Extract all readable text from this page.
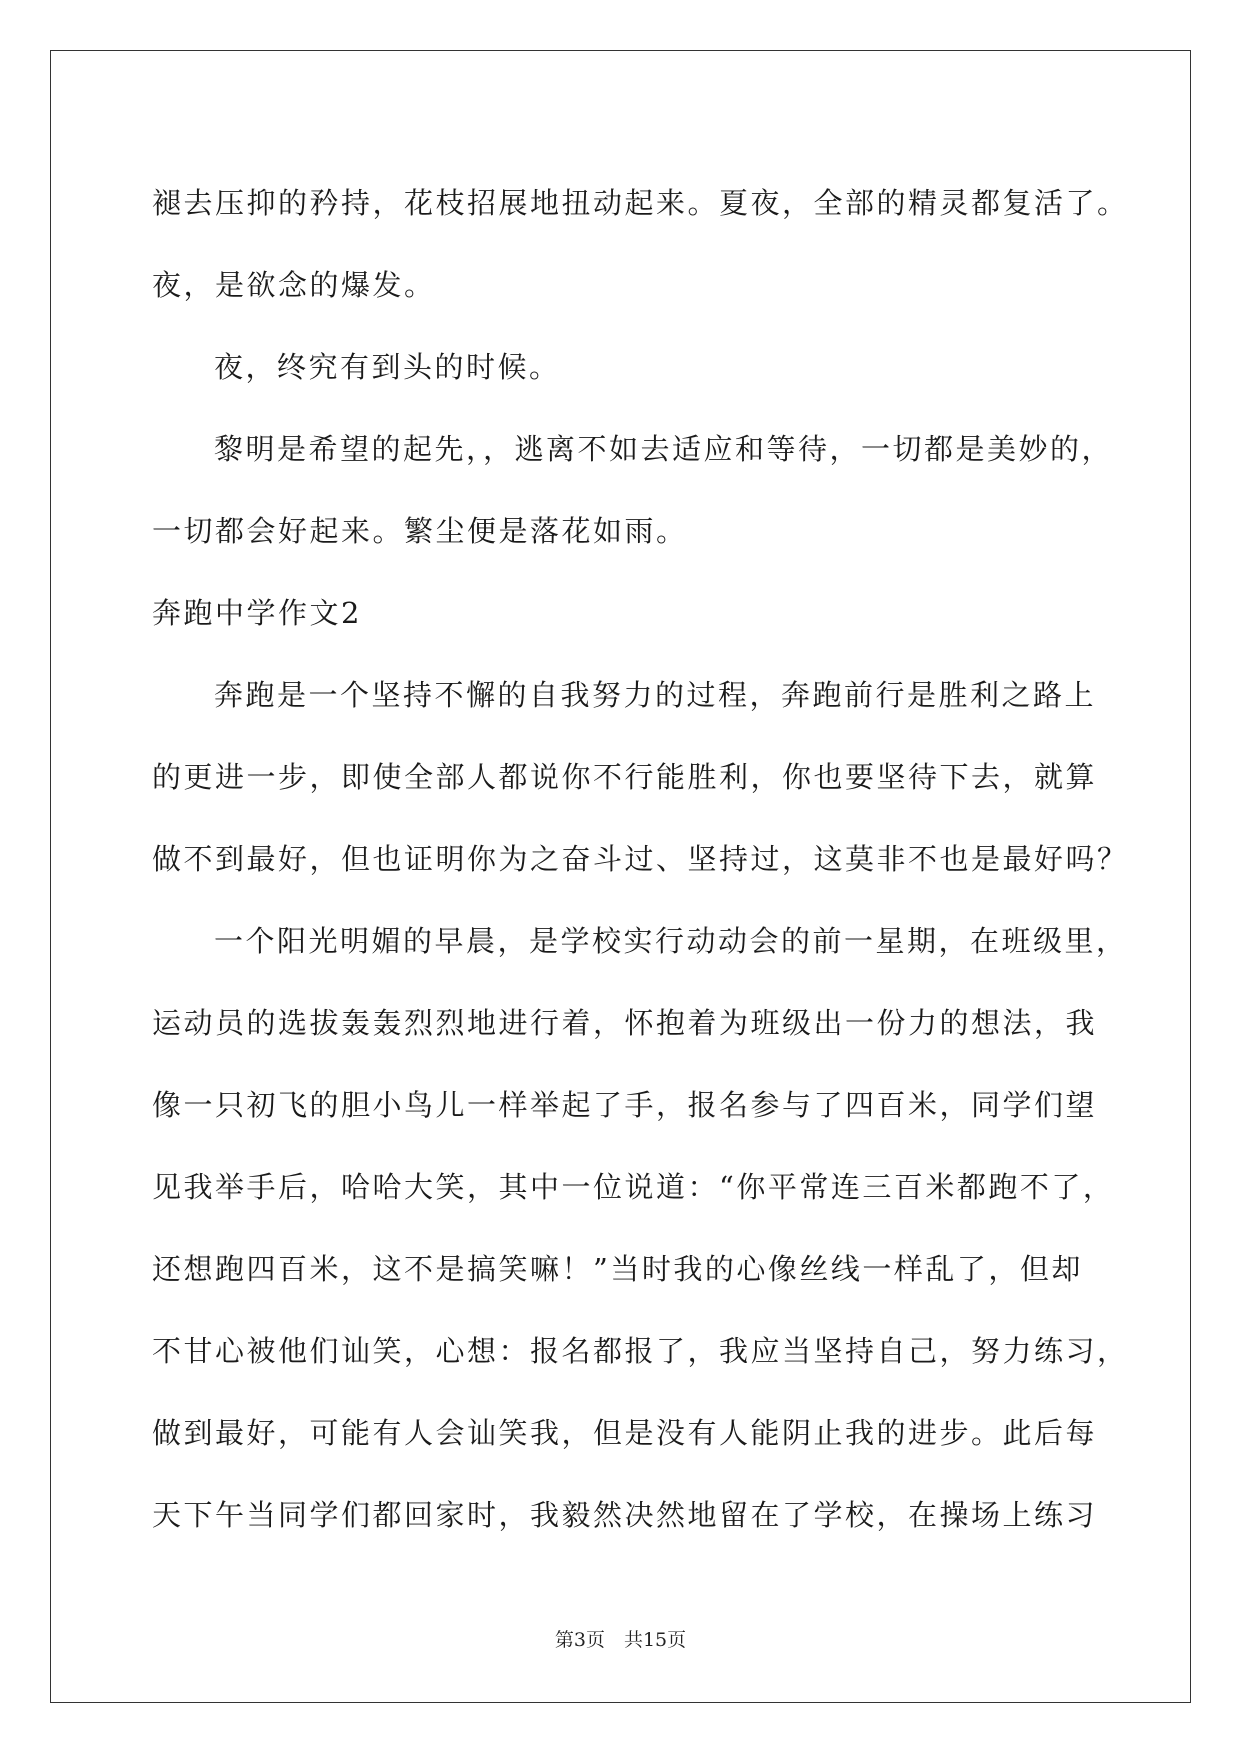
褪去压抑的矜持，花枝招展地扭动起来。夏夜，全部的精灵都复活了。
夜，是欲念的爆发。
夜，终究有到头的时候。
黎明是希望的起先，，逃离不如去适应和等待，一切都是美妙的，
一切都会好起来。繁尘便是落花如雨。
奔跑中学作文2
奔跑是一个坚持不懈的自我努力的过程，奔跑前行是胜利之路上
的更进一步，即使全部人都说你不行能胜利，你也要坚待下去，就算
做不到最好，但也证明你为之奋斗过、坚持过，这莫非不也是最好吗？
一个阳光明媚的早晨，是学校实行动动会的前一星期，在班级里，
运动员的选拔轰轰烈烈地进行着，怀抱着为班级出一份力的想法，我
像一只初飞的胆小鸟儿一样举起了手，报名参与了四百米，同学们望
见我举手后，哈哈大笑，其中一位说道：“你平常连三百米都跑不了，
还想跑四百米，这不是搞笑嘛！”当时我的心像丝线一样乱了，但却
不甘心被他们讪笑，心想：报名都报了，我应当坚持自己，努力练习，
做到最好，可能有人会讪笑我，但是没有人能阴止我的进步。此后每
天下午当同学们都回家时，我毅然决然地留在了学校，在操场上练习
第3页　共15页
